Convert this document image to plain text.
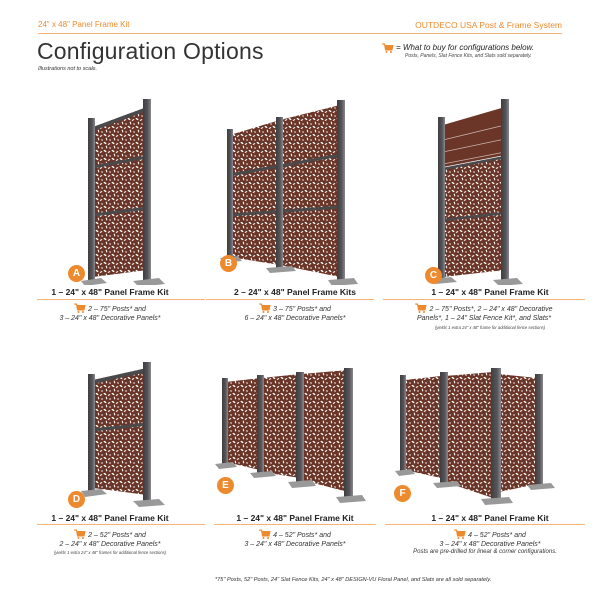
24" x 48" Panel Frame Kit	OUTDECO USA Post & Frame System
Configuration Options
Illustrations not to scale.
= What to buy for configurations below.
Posts, Panels, Slat Fence Kits, and Slats sold separately.
A
1 – 24" x 48" Panel Frame Kit
2 – 75" Posts* and
3 – 24" x 48" Decorative Panels*
B
2 – 24" x 48" Panel Frame Kits
3 – 75" Posts* and
6 – 24" x 48" Decorative Panels*
C
1 – 24" x 48" Panel Frame Kit
2 – 75" Posts*, 2 – 24" x 48" Decorative
Panels*, 1 – 24" Slat Fence Kit*, and Slats*
(yields 1 extra 24" x 48" frame for additional fence sections)
D
1 – 24" x 48" Panel Frame Kit
2 – 52" Posts* and
2 – 24" x 48" Decorative Panels*
(yields 1 extra 24" x 48" frames for additional fence sections)
E
1 – 24" x 48" Panel Frame Kit
4 – 52" Posts* and
3 – 24" x 48" Decorative Panels*
F
1 – 24" x 48" Panel Frame Kit
4 – 52" Posts* and
3 – 24" x 48" Decorative Panels*
Posts are pre-drilled for linear & corner configurations.
*75" Posts, 52" Posts, 24" Slat Fence Kits, 24" x 48" DESIGN-VU Floral Panel, and Slats are all sold separately.
